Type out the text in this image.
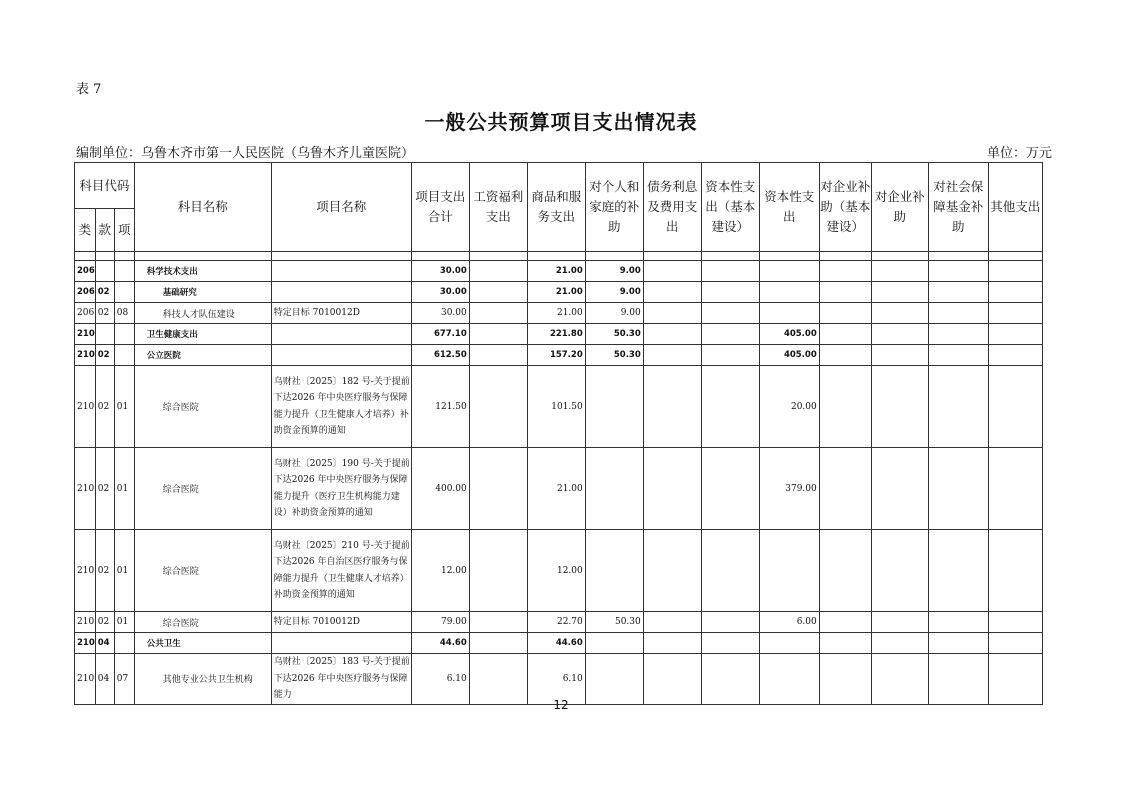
表 7
一般公共预算项目支出情况表
编制单位：乌鲁木齐市第一人民医院（乌鲁木齐儿童医院）	单位：万元
科目代码			科目名称	项目名称	项目支出合计	工资福利支出	商品和服务支出	对个人和家庭的补助	债务利息及费用支出	资本性支出（基本建设）	资本性支出	对企业补助（基本建设）	对企业补助	对社会保障基金补助	其他支出
类	款	项													

206			科学技术支出		30.00		21.00	9.00							
206	02		基础研究		30.00		21.00	9.00							
206	02	08	科技人才队伍建设	特定目标 7010012D	30.00		21.00	9.00							
210			卫生健康支出		677.10		221.80	50.30			405.00				
210	02		公立医院		612.50		157.20	50.30			405.00				
210	02	01	综合医院	乌财社〔2025〕182 号-关于提前下达2026 年中央医疗服务与保障能力提升（卫生健康人才培养）补助资金预算的通知	121.50		101.50				20.00				
210	02	01	综合医院	乌财社〔2025〕190 号-关于提前下达2026 年中央医疗服务与保障能力提升（医疗卫生机构能力建设）补助资金预算的通知	400.00		21.00				379.00				
210	02	01	综合医院	乌财社〔2025〕210 号-关于提前下达2026 年自治区医疗服务与保障能力提升（卫生健康人才培养）补助资金预算的通知	12.00		12.00								
210	02	01	综合医院	特定目标 7010012D	79.00		22.70	50.30			6.00				
210	04		公共卫生		44.60		44.60								
210	04	07	其他专业公共卫生机构	乌财社〔2025〕183 号-关于提前下达2026 年中央医疗服务与保障能力	6.10		6.10								
12
